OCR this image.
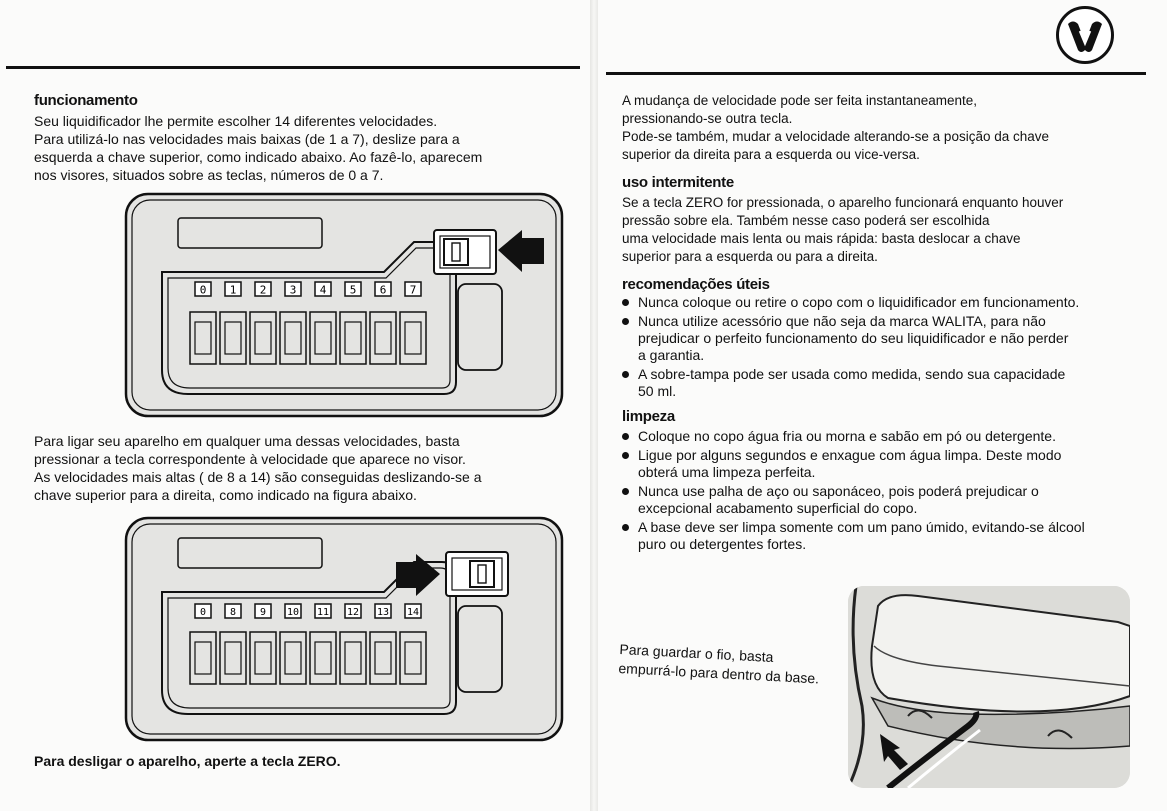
funcionamento

Seu liquidificador lhe permite escolher 14 diferentes velocidades.
Para utilizá-lo nas velocidades mais baixas (de 1 a 7), deslize para a
esquerda a chave superior, como indicado abaixo. Ao fazê-lo, aparecem
nos visores, situados sobre as teclas, números de 0 a 7.

0 1 2 3 4 5 6 7

Para ligar seu aparelho em qualquer uma dessas velocidades, basta
pressionar a tecla correspondente à velocidade que aparece no visor.
As velocidades mais altas ( de 8 a 14) são conseguidas deslizando-se a
chave superior para a direita, como indicado na figura abaixo.

0 8 9 10 11 12 13 14
Para desligar o aparelho, aperte a tecla ZERO.

A mudança de velocidade pode ser feita instantaneamente,
pressionando-se outra tecla.
Pode-se também, mudar a velocidade alterando-se a posição da chave
superior da direita para a esquerda ou vice-versa.

uso intermitente

Se a tecla ZERO for pressionada, o aparelho funcionará enquanto houver
pressão sobre ela. Também nesse caso poderá ser escolhida
uma velocidade mais lenta ou mais rápida: basta deslocar a chave
superior para a esquerda ou para a direita.

recomendações úteis
Nunca coloque ou retire o copo com o liquidificador em funcionamento.
Nunca utilize acessório que não seja da marca WALITA, para não
prejudicar o perfeito funcionamento do seu liquidificador e não perder
a garantia.
A sobre-tampa pode ser usada como medida, sendo sua capacidade
50 ml.
limpeza
Coloque no copo água fria ou morna e sabão em pó ou detergente.
Ligue por alguns segundos e enxague com água limpa. Deste modo
obterá uma limpeza perfeita.
Nunca use palha de aço ou saponáceo, pois poderá prejudicar o
excepcional acabamento superficial do copo.
A base deve ser limpa somente com um pano úmido, evitando-se álcool
puro ou detergentes fortes.
Para guardar o fio, basta
empurrá-lo para dentro da base.
